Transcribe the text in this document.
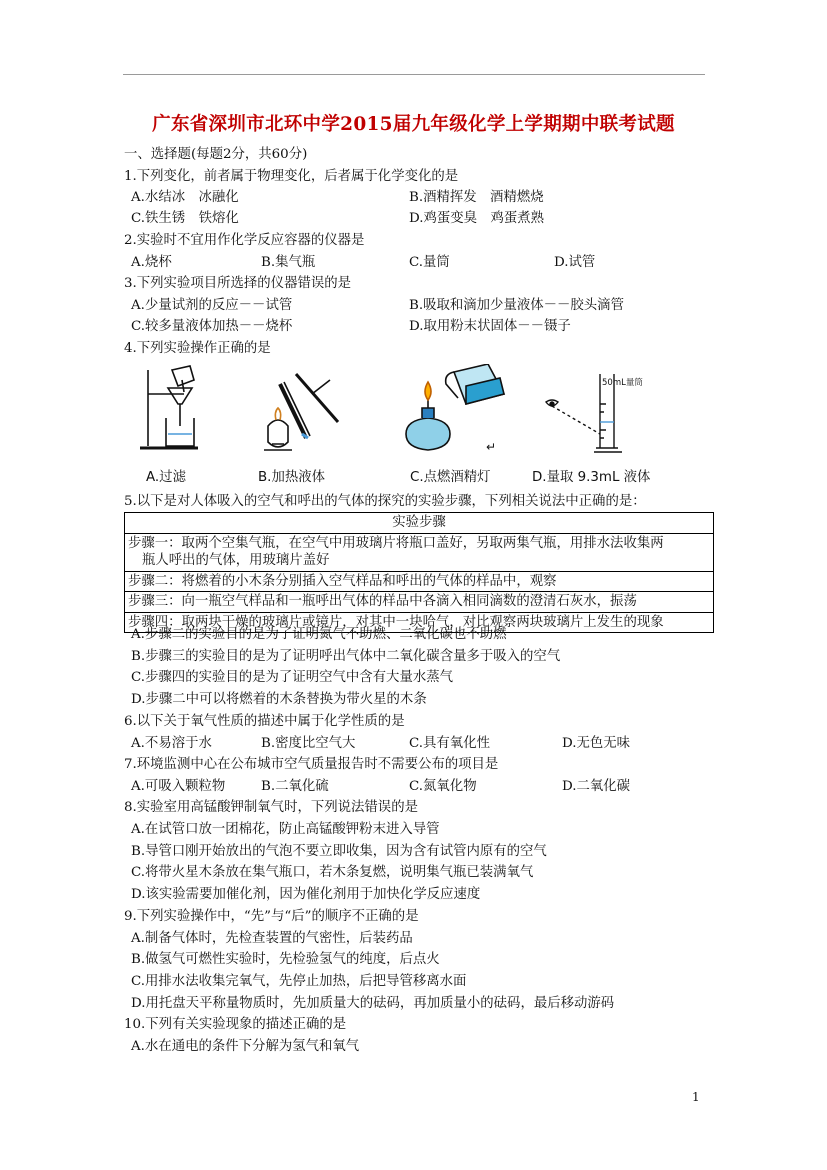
广东省深圳市北环中学2015届九年级化学上学期期中联考试题
一、选择题(每题2分，共60分)
1.下列变化，前者属于物理变化，后者属于化学变化的是
A.水结冰　冰融化	B.酒精挥发　酒精燃烧
C.铁生锈　铁熔化	D.鸡蛋变臭　鸡蛋煮熟
2.实验时不宜用作化学反应容器的仪器是
A.烧杯	B.集气瓶	C.量筒	D.试管
3.下列实验项目所选择的仪器错误的是
A.少量试剂的反应－－试管	B.吸取和滴加少量液体－－胶头滴管
C.较多量液体加热－－烧杯	D.取用粉末状固体－－镊子
4.下列实验操作正确的是
A.过滤	B.加热液体	C.点燃酒精灯
↵
50mL量筒
D.量取 9.3mL 液体
5.以下是对人体吸入的空气和呼出的气体的探究的实验步骤，下列相关说法中正确的是：
实验步骤
步骤一：取两个空集气瓶，在空气中用玻璃片将瓶口盖好，另取两集气瓶，用排水法收集两
瓶人呼出的气体，用玻璃片盖好
步骤二：将燃着的小木条分别插入空气样品和呼出的气体的样品中，观察
步骤三：向一瓶空气样品和一瓶呼出气体的样品中各滴入相同滴数的澄清石灰水，振荡
步骤四：取两块干燥的玻璃片或镜片，对其中一块哈气，对比观察两块玻璃片上发生的现象
A.步骤二的实验目的是为了证明氮气不助燃、二氧化碳也不助燃
B.步骤三的实验目的是为了证明呼出气体中二氧化碳含量多于吸入的空气
C.步骤四的实验目的是为了证明空气中含有大量水蒸气
D.步骤二中可以将燃着的木条替换为带火星的木条
6.以下关于氧气性质的描述中属于化学性质的是
A.不易溶于水	B.密度比空气大	C.具有氧化性	D.无色无味
7.环境监测中心在公布城市空气质量报告时不需要公布的项目是
A.可吸入颗粒物	B.二氧化硫	C.氮氧化物	D.二氧化碳
8.实验室用高锰酸钾制氧气时，下列说法错误的是
A.在试管口放一团棉花，防止高锰酸钾粉末进入导管
B.导管口刚开始放出的气泡不要立即收集，因为含有试管内原有的空气
C.将带火星木条放在集气瓶口，若木条复燃，说明集气瓶已装满氧气
D.该实验需要加催化剂，因为催化剂用于加快化学反应速度
9.下列实验操作中，“先”与“后”的顺序不正确的是
A.制备气体时，先检查装置的气密性，后装药品
B.做氢气可燃性实验时，先检验氢气的纯度，后点火
C.用排水法收集完氧气，先停止加热，后把导管移离水面
D.用托盘天平称量物质时，先加质量大的砝码，再加质量小的砝码，最后移动游码
10.下列有关实验现象的描述正确的是
A.水在通电的条件下分解为氢气和氧气
1
